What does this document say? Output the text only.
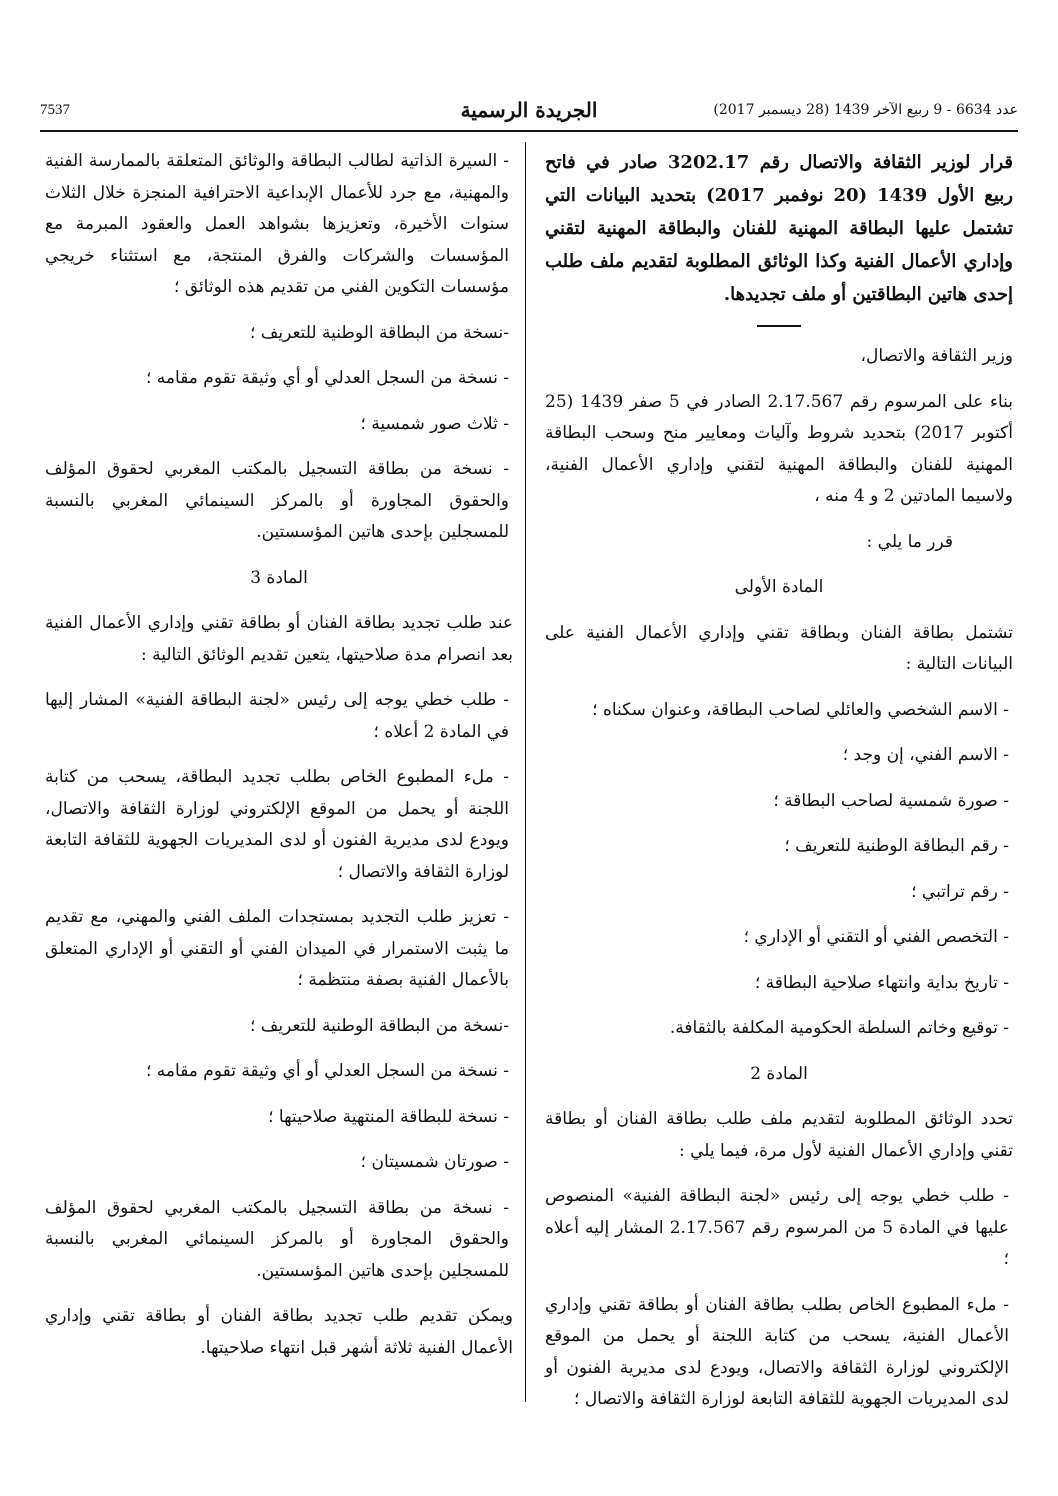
7537	الجريدة الرسمية	عدد 6634 - 9 ربيع الآخر 1439 (28 ديسمبر 2017)

قرار لوزير الثقافة والاتصال رقم 3202.17 صادر في فاتح ربيع الأول 1439 (20 نوفمبر 2017) بتحديد البيانات التي تشتمل عليها البطاقة المهنية للفنان والبطاقة المهنية لتقني وإداري الأعمال الفنية وكذا الوثائق المطلوبة لتقديم ملف طلب إحدى هاتين البطاقتين أو ملف تجديدها.

وزير الثقافة والاتصال،

بناء على المرسوم رقم 2.17.567 الصادر في 5 صفر 1439 (25 أكتوبر 2017) بتحديد شروط وآليات ومعايير منح وسحب البطاقة المهنية للفنان والبطاقة المهنية لتقني وإداري الأعمال الفنية، ولاسيما المادتين 2 و 4 منه ،

قرر ما يلي :

المادة الأولى

تشتمل بطاقة الفنان وبطاقة تقني وإداري الأعمال الفنية على البيانات التالية :

- الاسم الشخصي والعائلي لصاحب البطاقة، وعنوان سكناه ؛

- الاسم الفني، إن وجد ؛

- صورة شمسية لصاحب البطاقة ؛

- رقم البطاقة الوطنية للتعريف ؛

- رقم تراتبي ؛

- التخصص الفني أو التقني أو الإداري ؛

- تاريخ بداية وانتهاء صلاحية البطاقة ؛

- توقيع وخاتم السلطة الحكومية المكلفة بالثقافة.

المادة 2

تحدد الوثائق المطلوبة لتقديم ملف طلب بطاقة الفنان أو بطاقة تقني وإداري الأعمال الفنية لأول مرة، فيما يلي :

- طلب خطي يوجه إلى رئيس «لجنة البطاقة الفنية» المنصوص عليها في المادة 5 من المرسوم رقم 2.17.567 المشار إليه أعلاه ؛

- ملء المطبوع الخاص بطلب بطاقة الفنان أو بطاقة تقني وإداري الأعمال الفنية، يسحب من كتابة اللجنة أو يحمل من الموقع الإلكتروني لوزارة الثقافة والاتصال، ويودع لدى مديرية الفنون أو لدى المديريات الجهوية للثقافة التابعة لوزارة الثقافة والاتصال ؛

- السيرة الذاتية لطالب البطاقة والوثائق المتعلقة بالممارسة الفنية والمهنية، مع جرد للأعمال الإبداعية الاحترافية المنجزة خلال الثلاث سنوات الأخيرة، وتعزيزها بشواهد العمل والعقود المبرمة مع المؤسسات والشركات والفرق المنتجة، مع استثناء خريجي مؤسسات التكوين الفني من تقديم هذه الوثائق ؛

-نسخة من البطاقة الوطنية للتعريف ؛

- نسخة من السجل العدلي أو أي وثيقة تقوم مقامه ؛

- ثلاث صور شمسية ؛

- نسخة من بطاقة التسجيل بالمكتب المغربي لحقوق المؤلف والحقوق المجاورة أو بالمركز السينمائي المغربي بالنسبة للمسجلين بإحدى هاتين المؤسستين.

المادة 3

عند طلب تجديد بطاقة الفنان أو بطاقة تقني وإداري الأعمال الفنية بعد انصرام مدة صلاحيتها، يتعين تقديم الوثائق التالية :

- طلب خطي يوجه إلى رئيس «لجنة البطاقة الفنية» المشار إليها في المادة 2 أعلاه ؛

- ملء المطبوع الخاص بطلب تجديد البطاقة، يسحب من كتابة اللجنة أو يحمل من الموقع الإلكتروني لوزارة الثقافة والاتصال، ويودع لدى مديرية الفنون أو لدى المديريات الجهوية للثقافة التابعة لوزارة الثقافة والاتصال ؛

- تعزيز طلب التجديد بمستجدات الملف الفني والمهني، مع تقديم ما يثبت الاستمرار في الميدان الفني أو التقني أو الإداري المتعلق بالأعمال الفنية بصفة منتظمة ؛

-نسخة من البطاقة الوطنية للتعريف ؛

- نسخة من السجل العدلي أو أي وثيقة تقوم مقامه ؛

- نسخة للبطاقة المنتهية صلاحيتها ؛

- صورتان شمسيتان ؛

- نسخة من بطاقة التسجيل بالمكتب المغربي لحقوق المؤلف والحقوق المجاورة أو بالمركز السينمائي المغربي بالنسبة للمسجلين بإحدى هاتين المؤسستين.

ويمكن تقديم طلب تجديد بطاقة الفنان أو بطاقة تقني وإداري الأعمال الفنية ثلاثة أشهر قبل انتهاء صلاحيتها.
